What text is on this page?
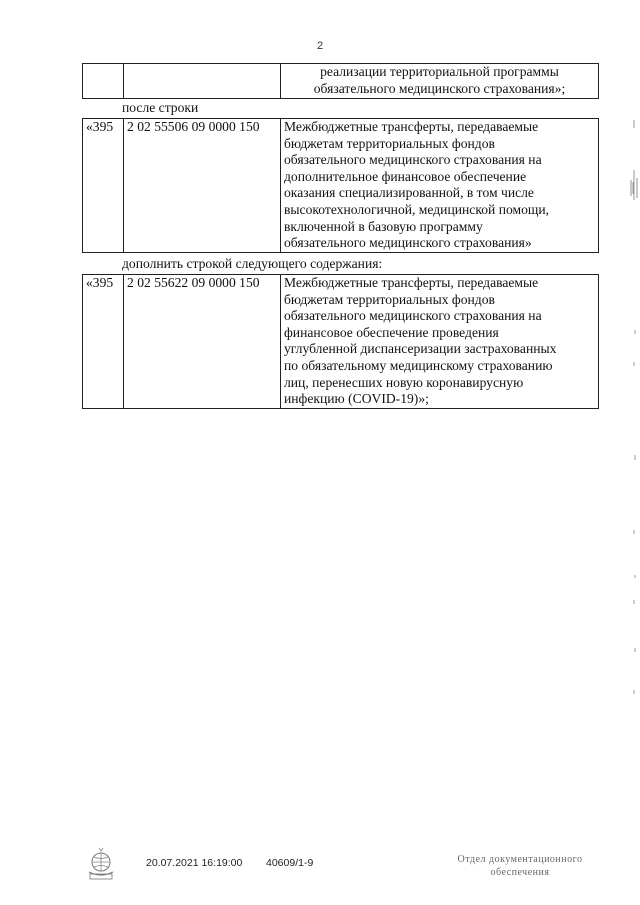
2

реализации территориальной программы
обязательного медицинского страхования»;
после строки
«395	2 02 55506 09 0000 150	Межбюджетные трансферты, передаваемые
бюджетам территориальных фондов
обязательного медицинского страхования на
дополнительное финансовое обеспечение
оказания специализированной, в том числе
высокотехнологичной, медицинской помощи,
включенной в базовую программу
обязательного медицинского страхования»
дополнить строкой следующего содержания:
«395	2 02 55622 09 0000 150	Межбюджетные трансферты, передаваемые
бюджетам территориальных фондов
обязательного медицинского страхования на
финансовое обеспечение проведения
углубленной диспансеризации застрахованных
по обязательному медицинскому страхованию
лиц, перенесших новую коронавирусную
инфекцию (COVID-19)»;
20.07.2021 16:19:00 40609/1-9	Отдел документационного
обеспечения
